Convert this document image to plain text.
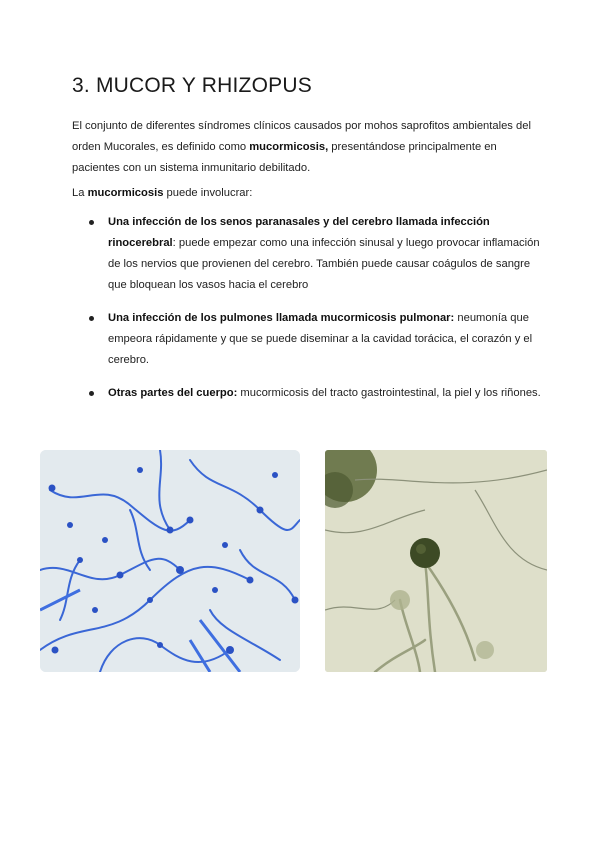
3. MUCOR Y RHIZOPUS

El conjunto de diferentes síndromes clínicos causados por mohos saprofitos ambientales del orden Mucorales, es definido como mucormicosis, presentándose principalmente en pacientes con un sistema inmunitario debilitado.

La mucormicosis puede involucrar:

Una infección de los senos paranasales y del cerebro llamada infección rinocerebral: puede empezar como una infección sinusal y luego provocar inflamación de los nervios que provienen del cerebro. También puede causar coágulos de sangre que bloquean los vasos hacia el cerebro
Una infección de los pulmones llamada mucormicosis pulmonar: neumonía que empeora rápidamente y que se puede diseminar a la cavidad torácica, el corazón y el cerebro.
Otras partes del cuerpo: mucormicosis del tracto gastrointestinal, la piel y los riñones.
